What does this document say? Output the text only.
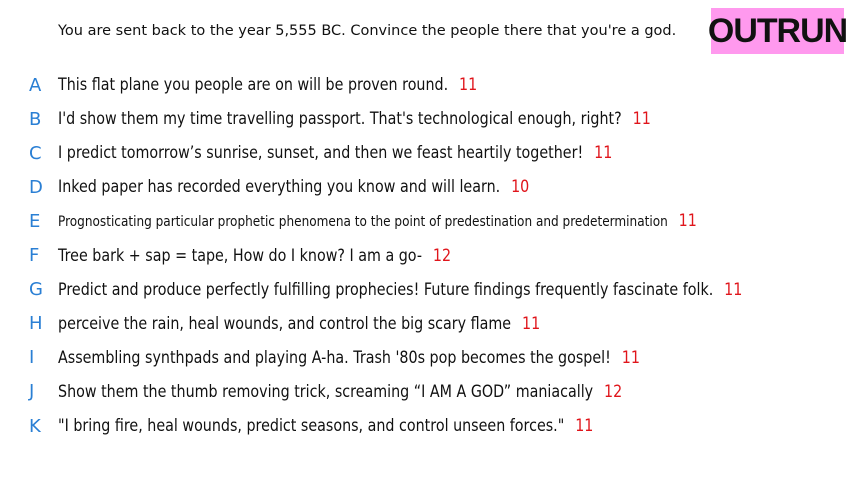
You are sent back to the year 5,555 BC. Convince the people there that you're a god. OUTRUN
A This flat plane you people are on will be proven round. 11
B I'd show them my time travelling passport. That's technological enough, right? 11
C I predict tomorrow’s sunrise, sunset, and then we feast heartily together! 11
D Inked paper has recorded everything you know and will learn. 10
E	Prognosticating particular prophetic phenomena to the point of predestination and predetermination 11
F	Tree bark + sap = tape, How do I know? I am a go- 12
G Predict and produce perfectly fulfilling prophecies! Future findings frequently fascinate folk. 11
H perceive the rain, heal wounds, and control the big scary flame 11
I	Assembling synthpads and playing A-ha. Trash '80s pop becomes the gospel! 11
J	Show them the thumb removing trick, screaming “I AM A GOD” maniacally 12
K	"I bring fire, heal wounds, predict seasons, and control unseen forces." 11
